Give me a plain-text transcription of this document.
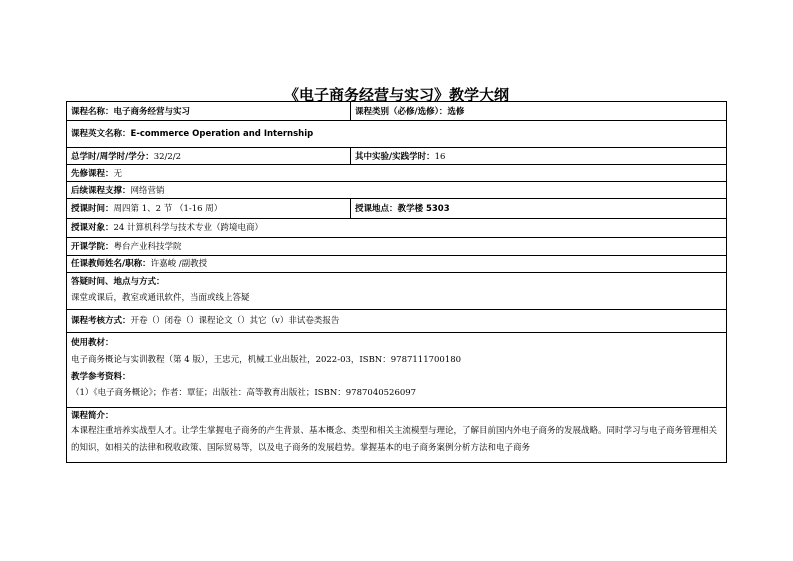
《电子商务经营与实习》教学大纲
课程名称：电子商务经营与实习	课程类别（必修/选修）：选修
课程英文名称：E-commerce Operation and Internship
总学时/周学时/学分：32/2/2	其中实验/实践学时：16
先修课程：无
后续课程支撑：网络营销
授课时间：周四第 1、2 节 （1-16 周）	授课地点：教学楼 5303
授课对象：24 计算机科学与技术专业（跨境电商）
开课学院：粤台产业科技学院
任课教师姓名/职称：许嘉峻 /副教授
答疑时间、地点与方式：
课堂或课后，教室或通讯软件，当面或线上答疑
课程考核方式：开卷（）闭卷（）课程论文（）其它（v）非试卷类报告
使用教材：
电子商务概论与实训教程（第 4 版），王忠元，机械工业出版社，2022-03，ISBN：9787111700180
教学参考资料：
（1）《电子商务概论》；作者：覃征；出版社：高等教育出版社；ISBN：9787040526097
课程简介：
本课程注重培养实战型人才。让学生掌握电子商务的产生背景、基本概念、类型和相关主流模型与理论，了解目前国内外电子商务的发展战略。同时学习与电子商务管理相关的知识，如相关的法律和税收政策、国际贸易等，以及电子商务的发展趋势。掌握基本的电子商务案例分析方法和电子商务
